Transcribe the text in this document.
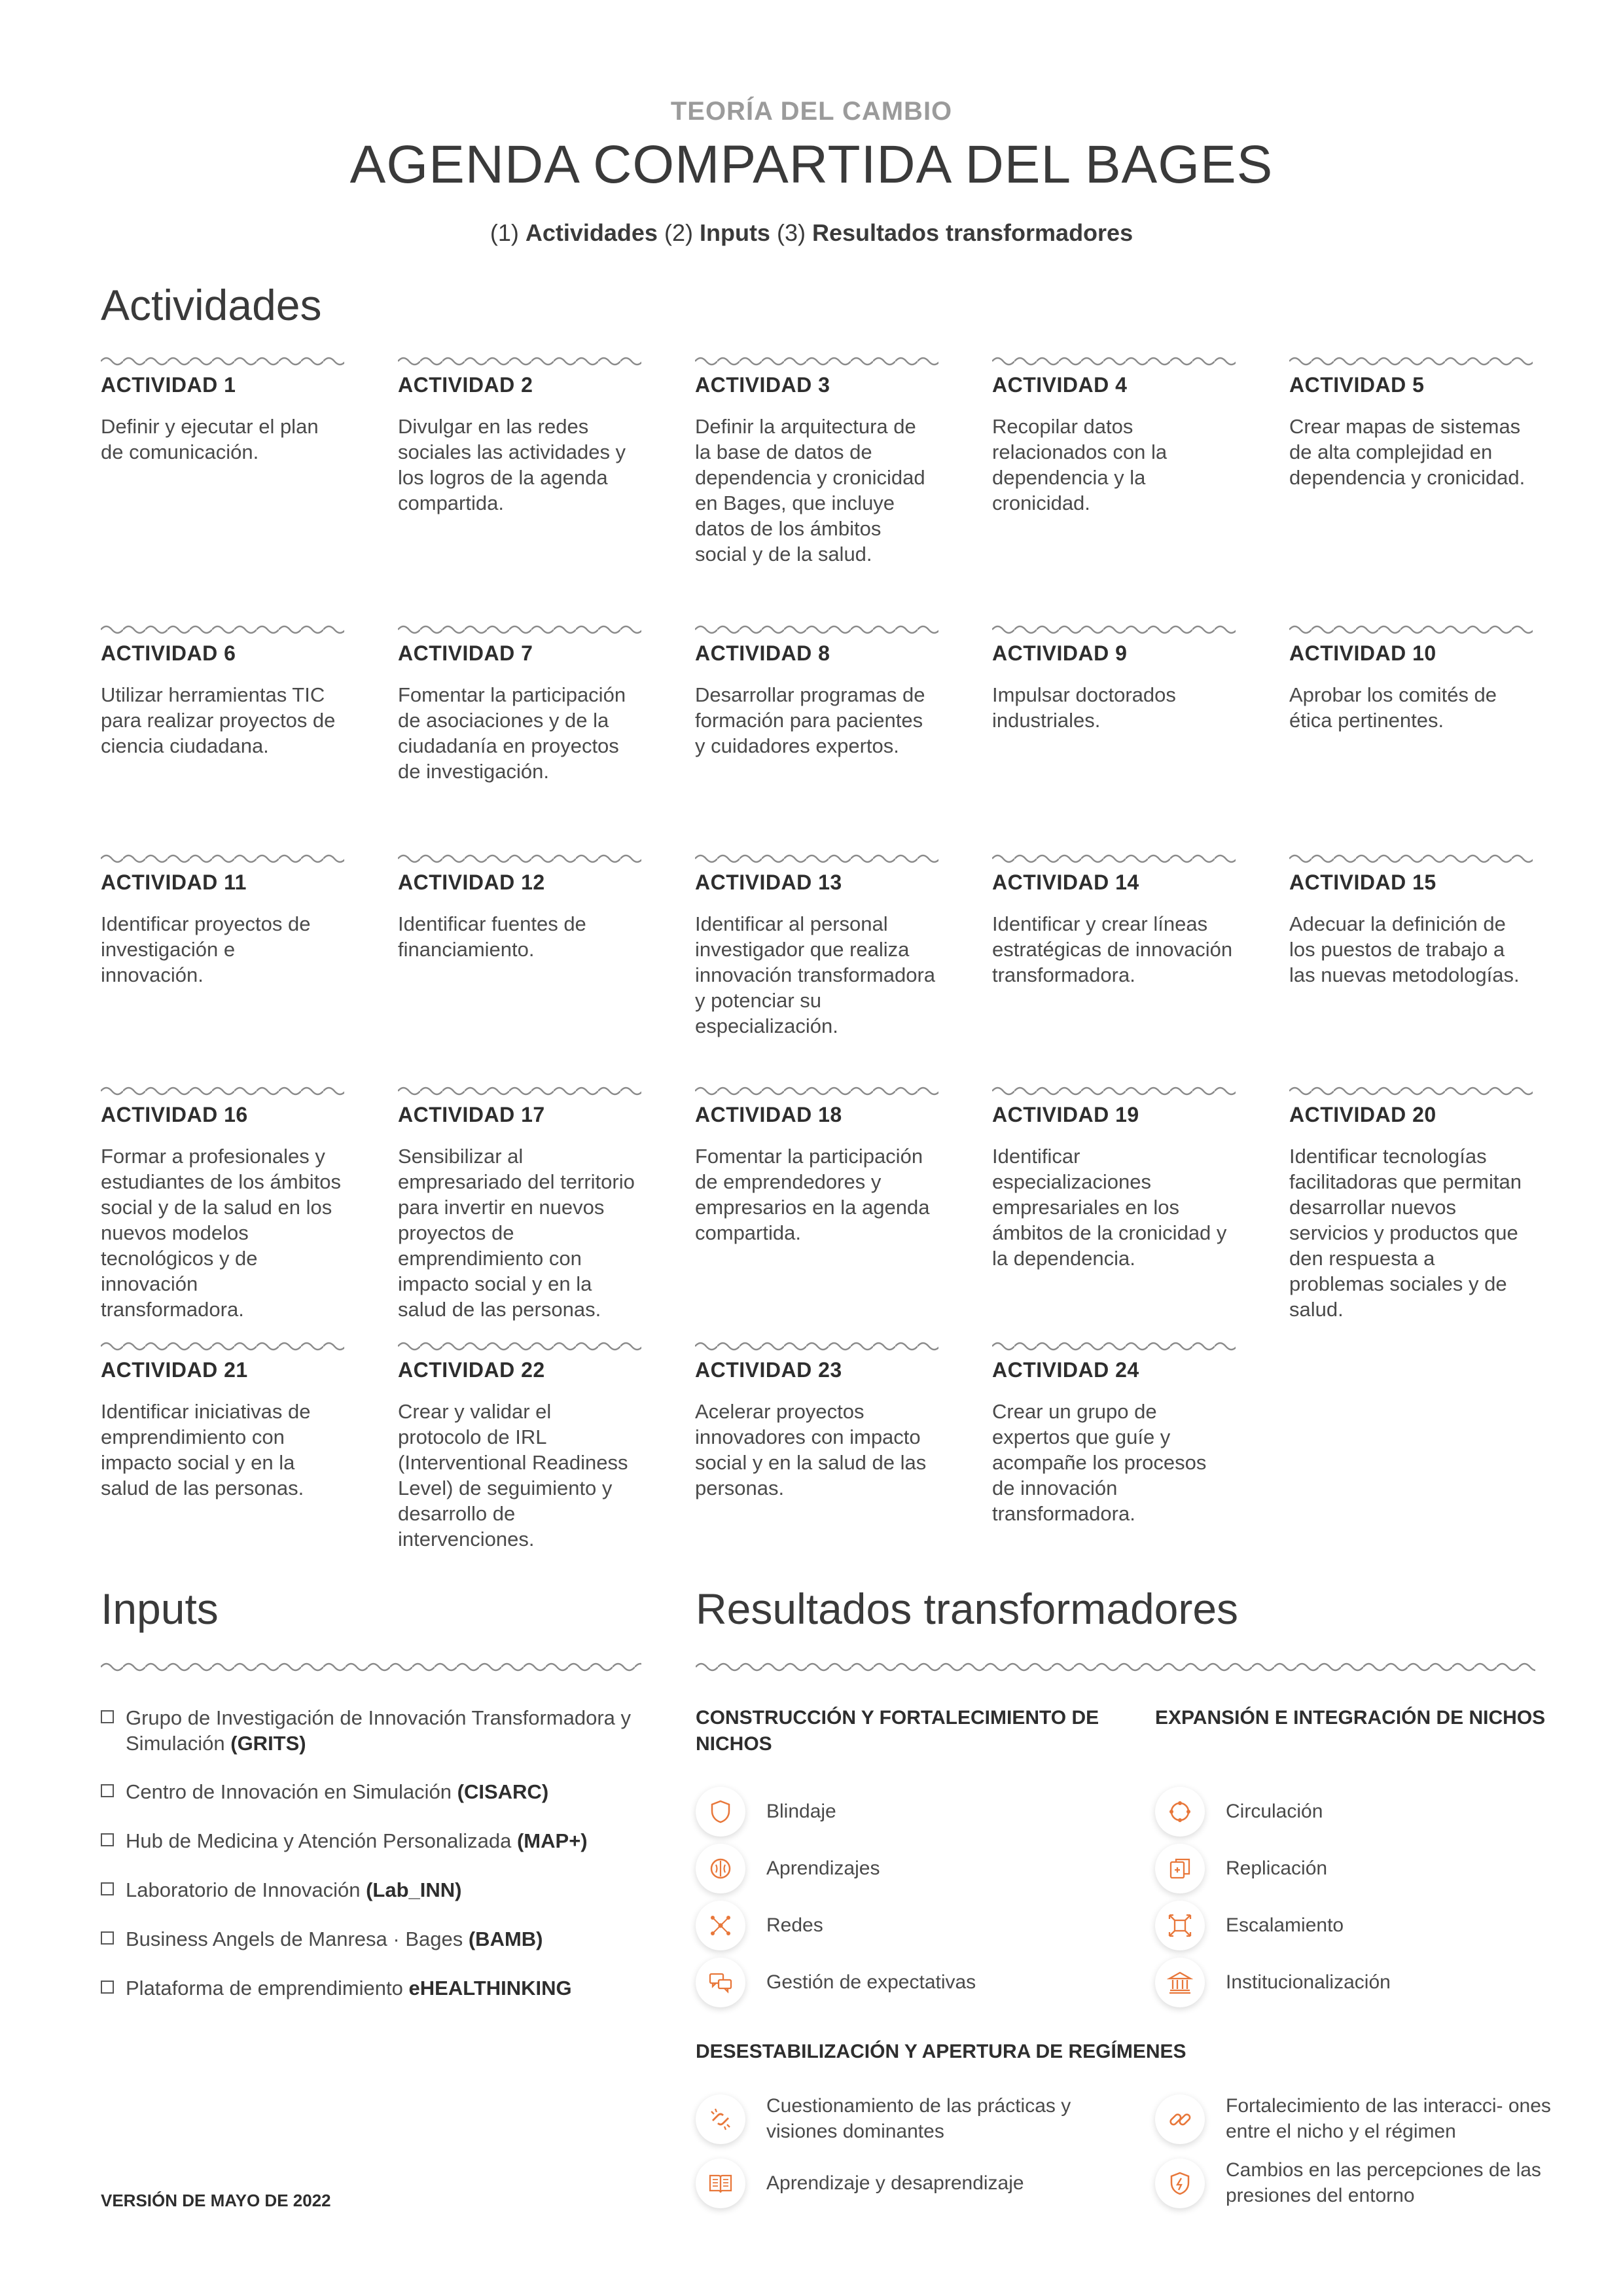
TEORÍA DEL CAMBIO
AGENDA COMPARTIDA DEL BAGES
(1) Actividades (2) Inputs (3) Resultados transformadores
Actividades
ACTIVIDAD 1
Definir y ejecutar el plan de comunicación.
ACTIVIDAD 2
Divulgar en las redes sociales las actividades y los logros de la agenda compartida.
ACTIVIDAD 3
Definir la arquitectura de la base de datos de dependencia y cronicidad en Bages, que incluye datos de los ámbitos social y de la salud.
ACTIVIDAD 4
Recopilar datos relacionados con la dependencia y la cronicidad.
ACTIVIDAD 5
Crear mapas de sistemas de alta complejidad en dependencia y cronicidad.
ACTIVIDAD 6
Utilizar herramientas TIC para realizar proyectos de ciencia ciudadana.
ACTIVIDAD 7
Fomentar la participación de asociaciones y de la ciudadanía en proyectos de investigación.
ACTIVIDAD 8
Desarrollar programas de formación para pacientes y cuidadores expertos.
ACTIVIDAD 9
Impulsar doctorados industriales.
ACTIVIDAD 10
Aprobar los comités de ética pertinentes.
ACTIVIDAD 11
Identificar proyectos de investigación e innovación.
ACTIVIDAD 12
Identificar fuentes de financiamiento.
ACTIVIDAD 13
Identificar al personal investigador que realiza innovación transformadora y potenciar su especialización.
ACTIVIDAD 14
Identificar y crear líneas estratégicas de innovación transformadora.
ACTIVIDAD 15
Adecuar la definición de los puestos de trabajo a las nuevas metodologías.
ACTIVIDAD 16
Formar a profesionales y estudiantes de los ámbitos social y de la salud en los nuevos modelos tecnológicos y de innovación transformadora.
ACTIVIDAD 17
Sensibilizar al empresariado del territorio para invertir en nuevos proyectos de emprendimiento con impacto social y en la salud de las personas.
ACTIVIDAD 18
Fomentar la participación de emprendedores y empresarios en la agenda compartida.
ACTIVIDAD 19
Identificar especializaciones empresariales en los ámbitos de la cronicidad y la dependencia.
ACTIVIDAD 20
Identificar tecnologías facilitadoras que permitan desarrollar nuevos servicios y productos que den respuesta a problemas sociales y de salud.
ACTIVIDAD 21
Identificar iniciativas de emprendimiento con impacto social y en la salud de las personas.
ACTIVIDAD 22
Crear y validar el protocolo de IRL (Interventional Readiness Level) de seguimiento y desarrollo de intervenciones.
ACTIVIDAD 23
Acelerar proyectos innovadores con impacto social y en la salud de las personas.
ACTIVIDAD 24
Crear un grupo de expertos que guíe y acompañe los procesos de innovación transformadora.
Inputs
Grupo de Investigación de Innovación Transformadora y Simulación (GRITS)
Centro de Innovación en Simulación (CISARC)
Hub de Medicina y Atención Personalizada (MAP+)
Laboratorio de Innovación (Lab_INN)
Business Angels de Manresa · Bages (BAMB)
Plataforma de emprendimiento eHEALTHINKING
Resultados transformadores
CONSTRUCCIÓN Y FORTALECIMIENTO DE NICHOS
EXPANSIÓN E INTEGRACIÓN DE NICHOS
DESESTABILIZACIÓN Y APERTURA DE REGÍMENES
Blindaje
Aprendizajes
Redes
Gestión de expectativas
Circulación
Replicación
Escalamiento
Institucionalización
Cuestionamiento de las prácticas y visiones dominantes
Fortalecimiento de las interacci- ones entre el nicho y el régimen
Aprendizaje y desaprendizaje
Cambios en las percepciones de las presiones del entorno
VERSIÓN DE MAYO DE 2022
